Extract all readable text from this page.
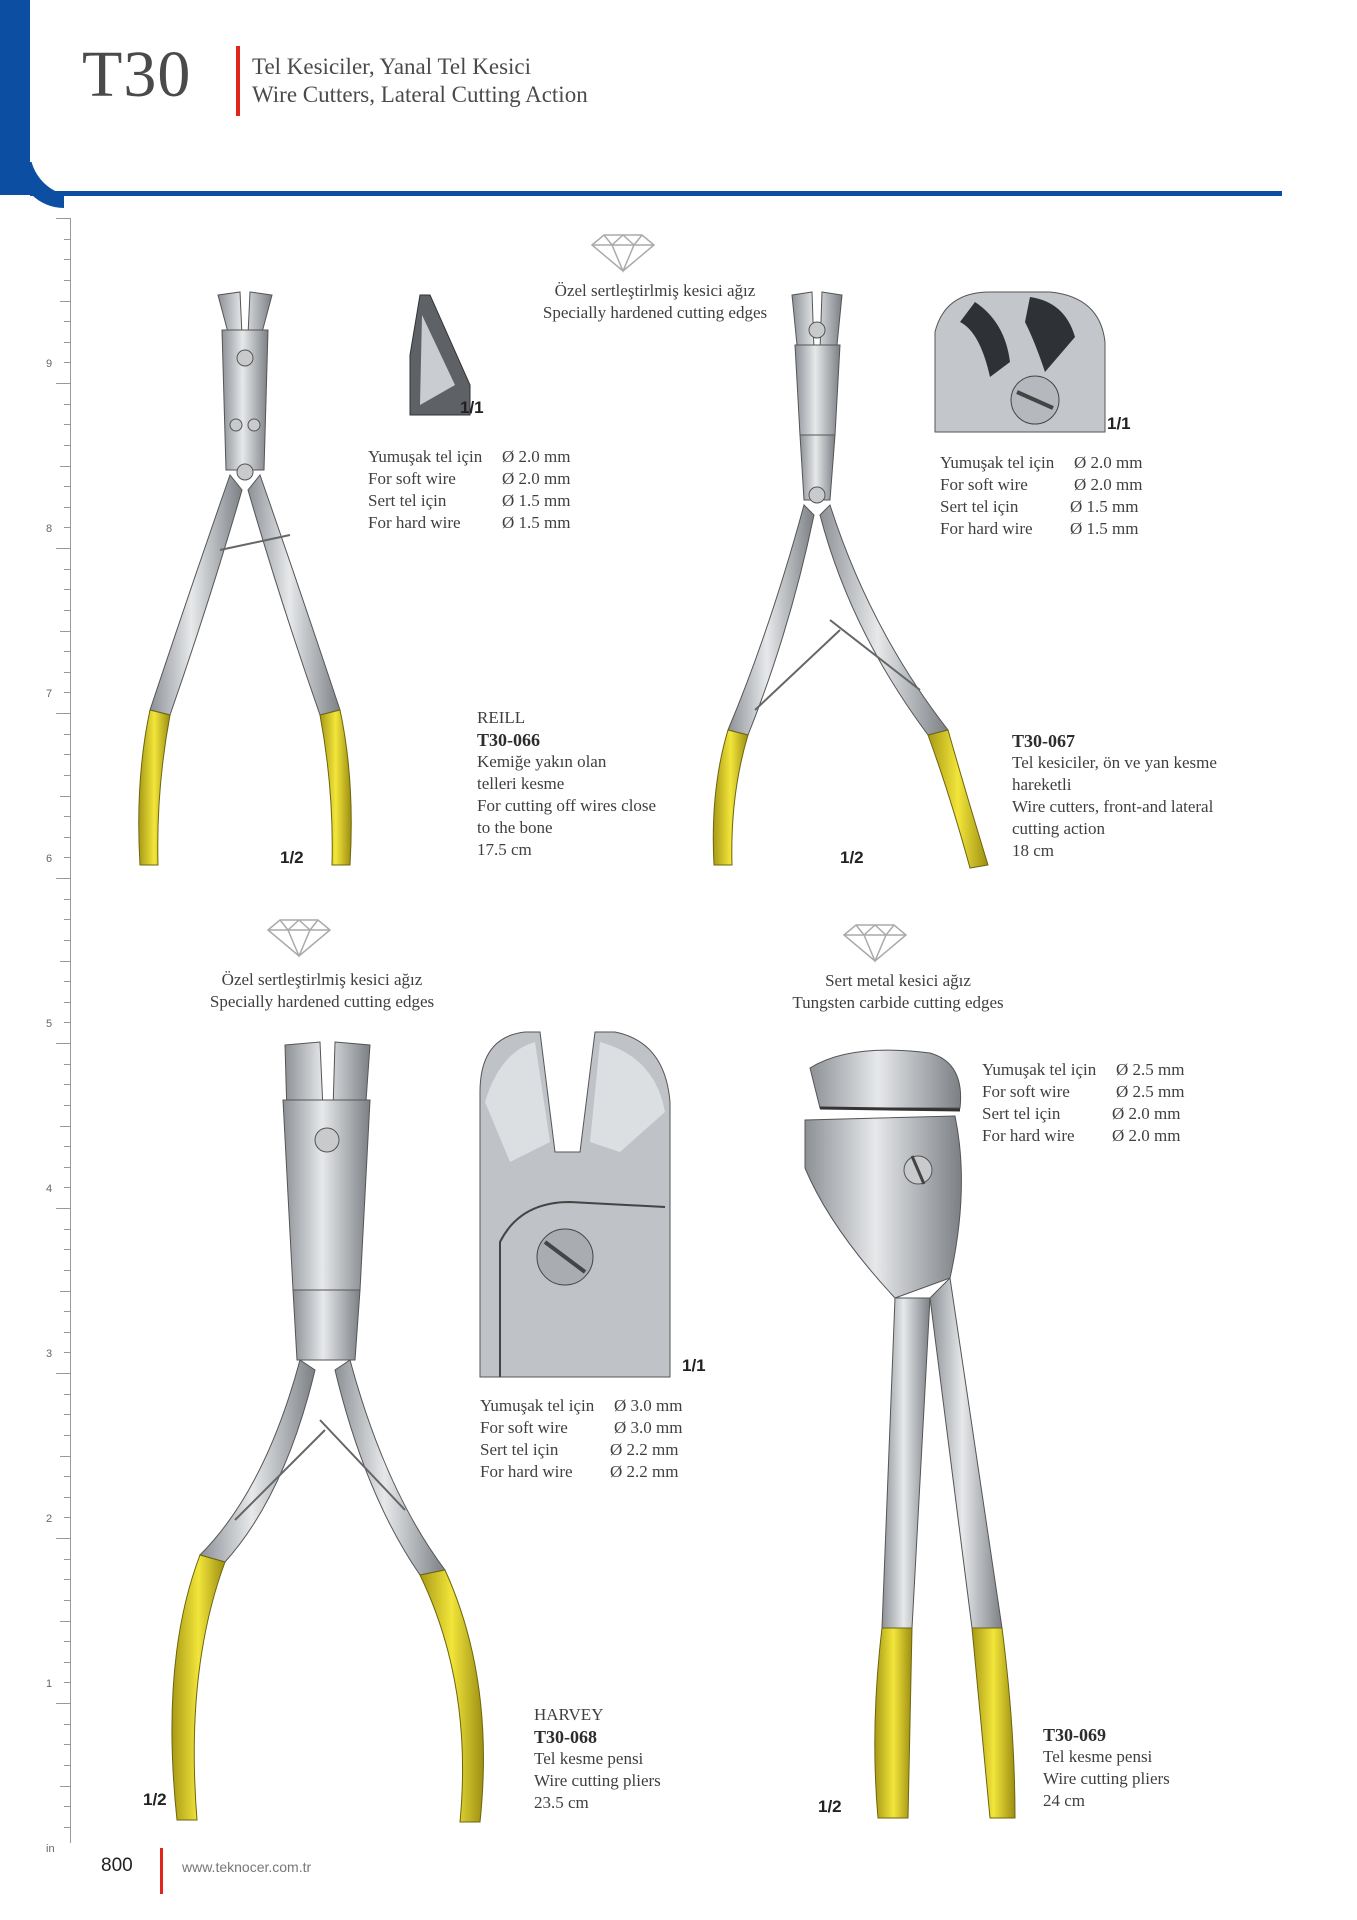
T30	Tel Kesiciler, Yanal Tel Kesici
Wire Cutters, Lateral Cutting Action
9
8
7
6
5
4
3
2
1
in
1/1
1/2
Yumuşak tel için	Ø 2.0 mm
For soft wire	Ø 2.0 mm
Sert tel için	Ø 1.5 mm
For hard wire	Ø 1.5 mm
REILL
T30-066
Kemiğe yakın olan
telleri kesme
For cutting off wires close
to the bone
17.5 cm
Özel sertleştirlmiş kesici ağız
Specially hardened cutting edges
1/1
1/2
Yumuşak tel için	Ø 2.0 mm
For soft wire	Ø 2.0 mm
Sert tel için	Ø 1.5 mm
For hard wire	Ø 1.5 mm
T30-067
Tel kesiciler, ön ve yan kesme
hareketli
Wire cutters, front-and lateral
cutting action
18 cm
Özel sertleştirlmiş kesici ağız
Specially hardened cutting edges
1/1
1/2
Yumuşak tel için	Ø 3.0 mm
For soft wire	Ø 3.0 mm
Sert tel için	Ø 2.2 mm
For hard wire	Ø 2.2 mm
HARVEY
T30-068
Tel kesme pensi
Wire cutting pliers
23.5 cm
Sert metal kesici ağız
Tungsten carbide cutting edges
1/2
Yumuşak tel için	Ø 2.5 mm
For soft wire	Ø 2.5 mm
Sert tel için	Ø 2.0 mm
For hard wire	Ø 2.0 mm
T30-069
Tel kesme pensi
Wire cutting pliers
24 cm
800	www.teknocer.com.tr
